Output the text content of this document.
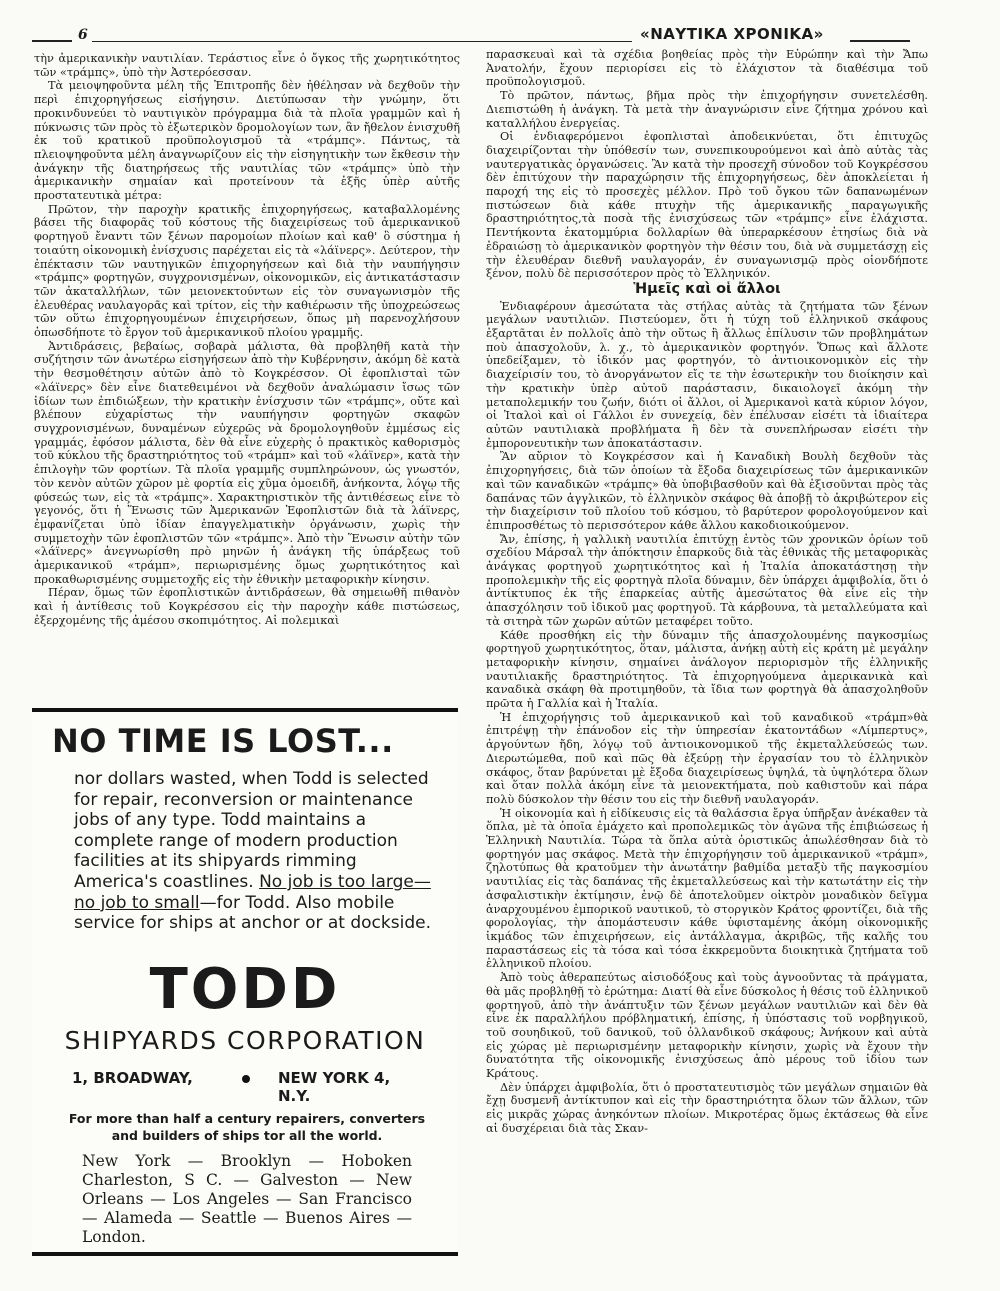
6	«ΝΑΥΤΙΚΑ ΧΡΟΝΙΚΑ»

τὴν ἀμερικανικὴν ναυτιλίαν. Τεράστιος εἶνε ὁ ὄγκος τῆς χωρητικότητος τῶν «τράμπς», ὑπὸ τὴν Ἀστερόεσσαν.

Τὰ μειοψηφοῦντα μέλη τῆς Ἐπιτροπῆς δὲν ἠθέλησαν νὰ δεχθοῦν τὴν περὶ ἐπιχορηγήσεως εἰσήγησιν. Διετύπωσαν τὴν γνώμην, ὅτι προκινδυνεύει τὸ ναυτιγικὸν πρόγραμμα διὰ τὰ πλοῖα γραμμῶν καὶ ἡ πύκνωσις τῶν πρὸς τὸ ἐξωτερικὸν δρομολογίων των, ἂν ἤθελον ἐνισχυθῆ ἐκ τοῦ κρατικοῦ προϋπολογισμοῦ τὰ «τράμπς». Πάντως, τὰ πλειοψηφοῦντα μέλη ἀναγνωρίζουν εἰς τὴν εἰσηγητικὴν των ἔκθεσιν τὴν ἀνάγκην τῆς διατηρήσεως τῆς ναυτιλίας τῶν «τράμπς» ὑπὸ τὴν ἀμερικανικὴν σημαίαν καὶ προτείνουν τὰ ἑξῆς ὑπὲρ αὐτῆς προστατευτικὰ μέτρα:

Πρῶτον, τὴν παροχὴν κρατικῆς ἐπιχορηγήσεως, καταβαλλομένης βάσει τῆς διαφορᾶς τοῦ κόστους τῆς διαχειρίσεως τοῦ ἀμερικανικοῦ φορτηγοῦ ἔναντι τῶν ξένων παρομοίων πλοίων καὶ καθ' ὃ σύστημα ἡ τοιαύτη οἰκονομικὴ ἐνίσχυσις παρέχεται εἰς τὰ «λάϊνερς». Δεύτερον, τὴν ἐπέκτασιν τῶν ναυτηγικῶν ἐπιχορηγήσεων καὶ διὰ τὴν ναυπήγησιν «τράμπς» φορτηγῶν, συγχρονισμένων, οἰκονομικῶν, εἰς ἀντικατάστασιν τῶν ἀκαταλλήλων, τῶν μειονεκτούντων εἰς τὸν συναγωνισμὸν τῆς ἐλευθέρας ναυλαγορᾶς καὶ τρίτον, εἰς τὴν καθιέρωσιν τῆς ὑποχρεώσεως τῶν οὕτω ἐπιχορηγουμένων ἐπιχειρήσεων, ὅπως μὴ παρενοχλήσουν ὁπωσδήποτε τὸ ἔργον τοῦ ἀμερικανικοῦ πλοίου γραμμῆς.

Ἀντιδράσεις, βεβαίως, σοβαρὰ μάλιστα, θὰ προβληθῆ κατὰ τὴν συζήτησιν τῶν ἀνωτέρω εἰσηγήσεων ἀπὸ τὴν Κυβέρνησιν, ἀκόμη δὲ κατὰ τὴν θεσμοθέτησιν αὐτῶν ἀπὸ τὸ Κογκρέσσον. Οἱ ἐφοπλισταὶ τῶν «λάϊνερς» δὲν εἶνε διατεθειμένοι νὰ δεχθοῦν ἀναλώμασιν ἴσως τῶν ἰδίων των ἐπιδιώξεων, τὴν κρατικὴν ἐνίσχυσιν τῶν «τράμπς», οὔτε καὶ βλέπουν εὐχαρίστως τὴν ναυπήγησιν φορτηγῶν σκαφῶν συγχρονισμένων, δυναμένων εὐχερῶς νὰ δρομολογηθοῦν ἐμμέσως εἰς γραμμάς, ἐφόσον μάλιστα, δὲν θὰ εἶνε εὐχερὴς ὁ πρακτικὸς καθορισμὸς τοῦ κύκλου τῆς δραστηριότητος τοῦ «τράμπ» καὶ τοῦ «λάϊνερ», κατὰ τὴν ἐπιλογὴν τῶν φορτίων. Τὰ πλοῖα γραμμῆς συμπληρώνουν, ὡς γνωστόν, τὸν κενὸν αὐτῶν χῶρον μὲ φορτία εἰς χῦμα ὁμοειδῆ, ἀνήκοντα, λόγῳ τῆς φύσεώς των, εἰς τὰ «τράμπς». Χαρακτηριστικὸν τῆς ἀντιθέσεως εἶνε τὸ γεγονός, ὅτι ἡ Ἕνωσις τῶν Ἀμερικανῶν Ἐφοπλιστῶν διὰ τὰ λάϊνερς, ἐμφανίζεται ὑπὸ ἰδίαν ἐπαγγελματικὴν ὀργάνωσιν, χωρὶς τὴν συμμετοχὴν τῶν ἐφοπλιστῶν τῶν «τράμπς». Ἀπὸ τὴν Ἕνωσιν αὐτὴν τῶν «λάϊνερς» ἀνεγνωρίσθη πρὸ μηνῶν ἡ ἀνάγκη τῆς ὑπάρξεως τοῦ ἀμερικανικοῦ «τράμπ», περιωρισμένης ὅμως χωρητικότητος καὶ προκαθωρισμένης συμμετοχῆς εἰς τὴν ἐθνικὴν μεταφορικὴν κίνησιν.

Πέραν, ὅμως τῶν ἐφοπλιστικῶν ἀντιδράσεων, θὰ σημειωθῆ πιθανὸν καὶ ἡ ἀντίθεσις τοῦ Κογκρέσσου εἰς τὴν παροχὴν κάθε πιστώσεως, ἐξερχομένης τῆς ἀμέσου σκοπιμότητος. Αἱ πολεμικαὶ

NO TIME IS LOST...
nor dollars wasted, when Todd is selected for repair, reconversion or maintenance jobs of any type. Todd maintains a complete range of modern production facilities at its shipyards rimming America's coastlines. No job is too large—no job to small—for Todd. Also mobile service for ships at anchor or at dockside.
TODD
SHIPYARDS CORPORATION
1, BROADWAY,	NEW YORK 4, N.Y.
For more than half a century repairers, converters and builders of ships tor all the world.
New York — Brooklyn — Hoboken Charleston, S C. — Galveston — New Orleans — Los Angeles — San Francisco — Alameda — Seattle — Buenos Aires — London.

παρασκευαὶ καὶ τὰ σχέδια βοηθείας πρὸς τὴν Εὐρώπην καὶ τὴν Ἄπω Ἀνατολήν, ἔχουν περιορίσει εἰς τὸ ἐλάχιστον τὰ διαθέσιμα τοῦ προϋπολογισμοῦ.

Τὸ πρῶτον, πάντως, βῆμα πρὸς τὴν ἐπιχορήγησιν συνετελέσθη. Διεπιστώθη ἡ ἀνάγκη. Τὰ μετὰ τὴν ἀναγνώρισιν εἶνε ζήτημα χρόνου καὶ καταλλήλου ἐνεργείας.

Οἱ ἐνδιαφερόμενοι ἐφοπλισταὶ ἀποδεικνύεται, ὅτι ἐπιτυχῶς διαχειρίζονται τὴν ὑπόθεσίν των, συνεπικουρούμενοι καὶ ἀπὸ αὐτὰς τὰς ναυτεργατικὰς ὀργανώσεις. Ἂν κατὰ τὴν προσεχῆ σύνοδον τοῦ Κογκρέσσου δὲν ἐπιτύχουν τὴν παραχώρησιν τῆς ἐπιχορηγήσεως, δὲν ἀποκλείεται ἡ παροχή της εἰς τὸ προσεχὲς μέλλον. Πρὸ τοῦ ὄγκου τῶν δαπανωμένων πιστώσεων διὰ κάθε πτυχὴν τῆς ἀμερικανικῆς παραγωγικῆς δραστηριότητος,τὰ ποσὰ τῆς ἐνισχύσεως τῶν «τράμπς» εἶνε ἐλάχιστα. Πεντήκοντα ἑκατομμύρια δολλαρίων θὰ ὑπεραρκέσουν ἐτησίως διὰ νὰ ἑδραιώσῃ τὸ ἀμερικανικὸν φορτηγὸν τὴν θέσιν του, διὰ νὰ συμμετάσχῃ εἰς τὴν ἐλευθέραν διεθνῆ ναυλαγοράν, ἐν συναγωνισμῷ πρὸς οἱονδήποτε ξένον, πολὺ δὲ περισσότερον πρὸς τὸ Ἑλληνικόν.

Ἡμεῖς καὶ οἱ ἄλλοι

Ἐνδιαφέρουν ἀμεσώτατα τὰς στήλας αὐτὰς τὰ ζητήματα τῶν ξένων μεγάλων ναυτιλιῶν. Πιστεύομεν, ὅτι ἡ τύχη τοῦ ἑλληνικοῦ σκάφους ἐξαρτᾶται ἐν πολλοῖς ἀπὸ τὴν οὕτως ἢ ἄλλως ἐπίλυσιν τῶν προβλημάτων ποὺ ἀπασχολοῦν, λ. χ., τὸ ἀμερικανικὸν φορτηγόν. Ὅπως καὶ ἄλλοτε ὑπεδείξαμεν, τὸ ἰδικόν μας φορτηγόν, τὸ ἀντιοικονομικὸν εἰς τὴν διαχείρισίν του, τὸ ἀνοργάνωτον εἴς τε τὴν ἐσωτερικὴν του διοίκησιν καὶ τὴν κρατικὴν ὑπὲρ αὐτοῦ παράστασιν, δικαιολογεῖ ἀκόμη τὴν μεταπολεμικήν του ζωήν, διότι οἱ ἄλλοι, οἱ Ἀμερικανοὶ κατὰ κύριον λόγον, οἱ Ἰταλοὶ καὶ οἱ Γάλλοι ἐν συνεχείᾳ, δὲν ἐπέλυσαν εἰσέτι τὰ ἰδιαίτερα αὐτῶν ναυτιλιακὰ προβλήματα ἢ δὲν τὰ συνεπλήρωσαν εἰσέτι τὴν ἐμπορονευτικὴν των ἀποκατάστασιν.

Ἂν αὔριον τὸ Κογκρέσσον καὶ ἡ Καναδικὴ Βουλὴ δεχθοῦν τὰς ἐπιχορηγήσεις, διὰ τῶν ὁποίων τὰ ἔξοδα διαχειρίσεως τῶν ἀμερικανικῶν καὶ τῶν καναδικῶν «τράμπς» θὰ ὑποβιβασθοῦν καὶ θὰ ἐξισοῦνται πρὸς τὰς δαπάνας τῶν ἀγγλικῶν, τὸ ἑλληνικὸν σκάφος θὰ ἀποβῇ τὸ ἀκριβώτερον εἰς τὴν διαχείρισιν τοῦ πλοίου τοῦ κόσμου, τὸ βαρύτερον φορολογούμενον καὶ ἐπιπροσθέτως τὸ περισσότερον κάθε ἄλλου κακοδιοικούμενον.

Ἄν, ἐπίσης, ἡ γαλλικὴ ναυτιλία ἐπιτύχῃ ἐντὸς τῶν χρονικῶν ὁρίων τοῦ σχεδίου Μάρσαλ τὴν ἀπόκτησιν ἐπαρκοῦς διὰ τὰς ἐθνικὰς τῆς μεταφορικὰς ἀνάγκας φορτηγοῦ χωρητικότητος καὶ ἡ Ἰταλία ἀποκατάστησῃ τὴν προπολεμικὴν τῆς εἰς φορτηγὰ πλοῖα δύναμιν, δὲν ὑπάρχει ἀμφιβολία, ὅτι ὁ ἀντίκτυπος ἐκ τῆς ἐπαρκείας αὐτῆς ἀμεσώτατος θὰ εἶνε εἰς τὴν ἀπασχόλησιν τοῦ ἰδικοῦ μας φορτηγοῦ. Τὰ κάρβουνα, τὰ μεταλλεύματα καὶ τὰ σιτηρὰ τῶν χωρῶν αὐτῶν μεταφέρει τοῦτο.

Κάθε προσθήκη εἰς τὴν δύναμιν τῆς ἀπασχολουμένης παγκοσμίως φορτηγοῦ χωρητικότητος, ὅταν, μάλιστα, ἀνήκῃ αὐτὴ εἰς κράτη μὲ μεγάλην μεταφορικὴν κίνησιν, σημαίνει ἀνάλογον περιορισμὸν τῆς ἑλληνικῆς ναυτιλιακῆς δραστηριότητος. Τὰ ἐπιχορηγούμενα ἀμερικανικὰ καὶ καναδικὰ σκάφη θὰ προτιμηθοῦν, τὰ ἴδια των φορτηγὰ θὰ ἀπασχοληθοῦν πρῶτα ἡ Γαλλία καὶ ἡ Ἰταλία.

Ἡ ἐπιχορήγησις τοῦ ἀμερικανικοῦ καὶ τοῦ καναδικοῦ «τράμπ»θὰ ἐπιτρέψῃ τὴν ἐπάνοδον εἰς τὴν ὑπηρεσίαν ἑκατοντάδων «Λίμπερτυς», ἀργούντων ἤδη, λόγῳ τοῦ ἀντιοικονομικοῦ τῆς ἐκμεταλλεύσεώς των. Διερωτώμεθα, ποῦ καὶ πῶς θὰ ἐξεύρῃ τὴν ἐργασίαν του τὸ ἑλληνικὸν σκάφος, ὅταν βαρύνεται μὲ ἔξοδα διαχειρίσεως ὑψηλά, τὰ ὑψηλότερα ὅλων καὶ ὅταν πολλὰ ἀκόμη εἶνε τὰ μειονεκτήματα, ποὺ καθιστοῦν καὶ πάρα πολὺ δύσκολον τὴν θέσιν του εἰς τὴν διεθνῆ ναυλαγοράν.

Ἡ οἰκονομία καὶ ἡ εἰδίκευσις εἰς τὰ θαλάσσια ἔργα ὑπῆρξαν ἀνέκαθεν τὰ ὅπλα, μὲ τὰ ὁποῖα ἐμάχετο καὶ προπολεμικῶς τὸν ἀγῶνα τῆς ἐπιβιώσεως ἡ Ἑλληνικὴ Ναυτιλία. Τώρα τὰ ὅπλα αὐτὰ ὁριστικῶς ἀπωλέσθησαν διὰ τὸ φορτηγόν μας σκάφος. Μετὰ τὴν ἐπιχορήγησιν τοῦ ἀμερικανικοῦ «τράμπ», ζηλοτύπως θὰ κρατοῦμεν τὴν ἀνωτάτην βαθμίδα μεταξὺ τῆς παγκοσμίου ναυτιλίας εἰς τὰς δαπάνας τῆς ἐκμεταλλεύσεως καὶ τὴν κατωτάτην εἰς τὴν ἀσφαλιστικὴν ἐκτίμησιν, ἐνῷ δὲ ἀποτελοῦμεν οἰκτρὸν μοναδικὸν δεῖγμα ἀναρχουμένου ἐμπορικοῦ ναυτικοῦ, τὸ στοργικὸν Κράτος φροντίζει, διὰ τῆς φορολογίας, τὴν ἀπομάστευσιν κάθε ὑφισταμένης ἀκόμη οἰκονομικῆς ἰκμάδος τῶν ἐπιχειρήσεων, εἰς ἀντάλλαγμα, ἀκριβῶς, τῆς καλῆς του παραστάσεως εἰς τὰ τόσα καὶ τόσα ἐκκρεμοῦντα διοικητικὰ ζητήματα τοῦ ἑλληνικοῦ πλοίου.

Ἀπὸ τοὺς ἀθεραπεύτως αἰσιοδόξους καὶ τοὺς ἀγνοοῦντας τὰ πράγματα, θὰ μᾶς προβληθῇ τὸ ἐρώτημα: Διατί θὰ εἶνε δύσκολος ἡ θέσις τοῦ ἑλληνικοῦ φορτηγοῦ, ἀπὸ τὴν ἀνάπτυξιν τῶν ξένων μεγάλων ναυτιλιῶν καὶ δὲν θὰ εἶνε ἐκ παραλλήλου πρόβληματική, ἐπίσης, ἡ ὑπόστασις τοῦ νορβηγικοῦ, τοῦ σουηδικοῦ, τοῦ δανικοῦ, τοῦ ὁλλανδικοῦ σκάφους; Ἀνήκουν καὶ αὐτὰ εἰς χώρας μὲ περιωρισμένην μεταφορικὴν κίνησιν, χωρὶς νὰ ἔχουν τὴν δυνατότητα τῆς οἰκονομικῆς ἐνισχύσεως ἀπὸ μέρους τοῦ ἰδίου των Κράτους.

Δὲν ὑπάρχει ἀμφιβολία, ὅτι ὁ προστατευτισμὸς τῶν μεγάλων σημαιῶν θὰ ἔχῃ δυσμενῆ ἀντίκτυπον καὶ εἰς τὴν δραστηριότητα ὅλων τῶν ἄλλων, τῶν εἰς μικρᾶς χώρας ἀνηκόντων πλοίων. Μικροτέρας ὅμως ἐκτάσεως θὰ εἶνε αἱ δυσχέρειαι διὰ τὰς Σκαν-
